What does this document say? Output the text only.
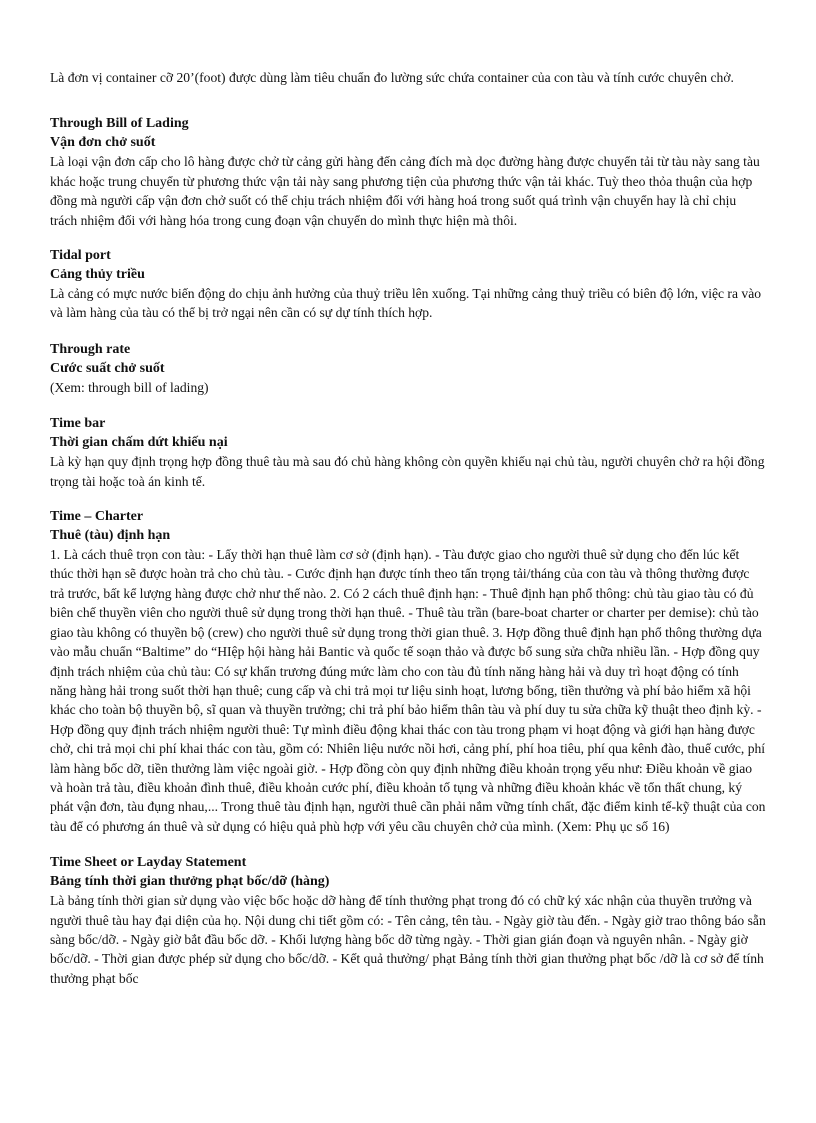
Là đơn vị container cỡ 20’(foot) được dùng làm tiêu chuẩn đo lường sức chứa container của con tàu và tính cước chuyên chở.

Through Bill of Lading

Vận đơn chở suốt

Là loại vận đơn cấp cho lô hàng được chở từ cảng gửi hàng đến cảng đích mà dọc đường hàng được chuyển tải từ tàu này sang tàu khác hoặc trung chuyển từ phương thức vận tải này sang phương tiện của phương thức vận tải khác. Tuỳ theo thỏa thuận của hợp đồng mà người cấp vận đơn chở suốt có thể chịu trách nhiệm đối với hàng hoá trong suốt quá trình vận chuyển hay là chỉ chịu trách nhiệm đối với hàng hóa trong cung đoạn vận chuyển do mình thực hiện mà thôi.

Tidal port

Cảng thủy triều

Là cảng có mực nước biến động do chịu ảnh hưởng của thuỷ triều lên xuống. Tại những cảng thuỷ triều có biên độ lớn, việc ra vào và làm hàng của tàu có thể bị trở ngại nên cần có sự dự tính thích hợp.

Through rate

Cước suất chở suốt

(Xem: through bill of lading)

Time bar

Thời gian chấm dứt khiếu nại

Là kỳ hạn quy định trọng hợp đồng thuê tàu mà sau đó chủ hàng không còn quyền khiếu nại chủ tàu, người chuyên chở ra hội đồng trọng tài hoặc toà án kinh tế.

Time – Charter

Thuê (tàu) định hạn

1. Là cách thuê trọn con tàu: - Lấy thời hạn thuê làm cơ sở (định hạn). - Tàu được giao cho người thuê sử dụng cho đến lúc kết thúc thời hạn sẽ được hoàn trả cho chủ tàu. - Cước định hạn được tính theo tấn trọng tải/tháng của con tàu và thông thường được trả trước, bất kể lượng hàng được chở như thế nào. 2. Có 2 cách thuê định hạn: - Thuê định hạn phổ thông: chủ tàu giao tàu có đủ biên chế thuyền viên cho người thuê sử dụng trong thời hạn thuê. - Thuê tàu trần (bare-boat charter or charter per demise): chủ tào giao tàu không có thuyền bộ (crew) cho người thuê sử dụng trong thời gian thuê. 3. Hợp đồng thuê định hạn phổ thông thường dựa vào mẫu chuẩn “Baltime” do “HIệp hội hàng hải Bantic và quốc tế soạn thảo và được bổ sung sửa chữa nhiều lần. - Hợp đồng quy định trách nhiệm của chủ tàu: Có sự khẩn trương đúng mức làm cho con tàu đủ tính năng hàng hải và duy trì hoạt động có tính năng hàng hải trong suốt thời hạn thuê; cung cấp và chi trả mọi tư liệu sinh hoạt, lương bổng, tiền thưởng và phí bảo hiểm xã hội khác cho toàn bộ thuyền bộ, sĩ quan và thuyền trưởng; chi trả phí bảo hiểm thân tàu và phí duy tu sửa chữa kỹ thuật theo định kỳ. - Hợp đồng quy định trách nhiệm người thuê: Tự mình điều động khai thác con tàu trong phạm vi hoạt động và giới hạn hàng được chở, chi trả mọi chi phí khai thác con tàu, gồm có: Nhiên liệu nước nồi hơi, cảng phí, phí hoa tiêu, phí qua kênh đào, thuế cước, phí làm hàng bốc dỡ, tiền thưởng làm việc ngoài giờ. - Hợp đồng còn quy định những điều khoản trọng yếu như: Điều khoản về giao và hoàn trả tàu, điều khoản đình thuê, điều khoản cước phí, điều khoản tố tụng và những điều khoản khác về tổn thất chung, ký phát vận đơn, tàu đụng nhau,... Trong thuê tàu định hạn, người thuê cần phải nắm vững tính chất, đặc điểm kinh tế-kỹ thuật của con tàu để có phương án thuê và sử dụng có hiệu quả phù hợp với yêu cầu chuyên chở của mình. (Xem: Phụ ục số 16)

Time Sheet or Layday Statement

Bảng tính thời gian thưởng phạt bốc/dỡ (hàng)

Là bảng tính thời gian sử dụng vào việc bốc hoặc dỡ hàng để tính thưởng phạt trong đó có chữ ký xác nhận của thuyền trưởng và người thuê tàu hay đại diện của họ. Nội dung chi tiết gồm có: - Tên cảng, tên tàu. - Ngày giờ tàu đến. - Ngày giờ trao thông báo sẵn sàng bốc/dỡ. - Ngày giờ bắt đầu bốc dỡ. - Khối lượng hàng bốc dỡ từng ngày. - Thời gian gián đoạn và nguyên nhân. - Ngày giờ bốc/dỡ. - Thời gian được phép sử dụng cho bốc/dỡ. - Kết quả thưởng/ phạt Bảng tính thời gian thưởng phạt bốc /dỡ là cơ sở để tính thưởng phạt bốc
